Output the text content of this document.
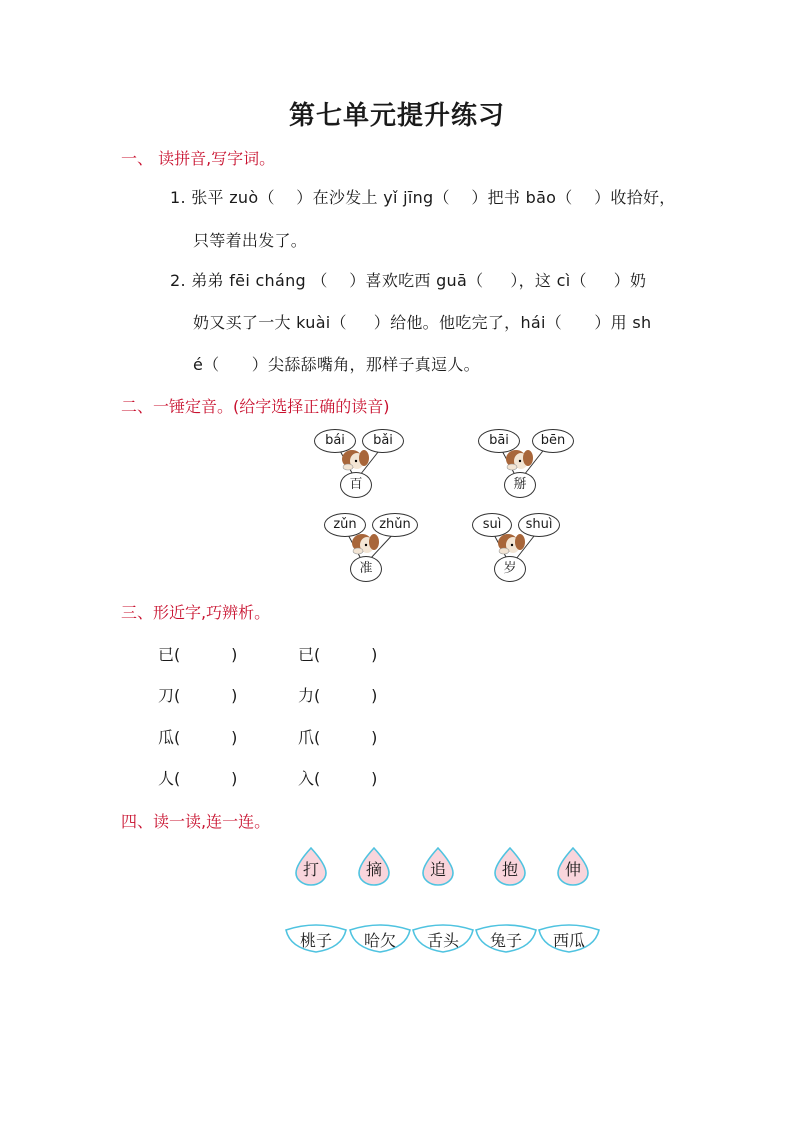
第七单元提升练习
一、 读拼音,写字词。
1. 张平 zuò（    ）在沙发上 yǐ jīng（    ）把书 bāo（    ）收拾好，
只等着出发了。
2. 弟弟 fēi cháng （    ）喜欢吃西 guā（     ），这 cì（     ）奶
奶又买了一大 kuài（     ）给他。他吃完了，hái（      ）用 sh
é（      ）尖舔舔嘴角，那样子真逗人。
二、一锤定音。(给字选择正确的读音)
bái	bǎi
百
bāi	bēn
掰
zǔn	zhǔn
准
suì	shuì
岁
三、形近字,巧辨析。
已(          )	已(          )
刀(          )	力(          )
瓜(          )	爪(          )
人(          )	入(          )
四、读一读,连一连。
打	摘	追	抱	伸
桃子	哈欠	舌头	兔子	西瓜
